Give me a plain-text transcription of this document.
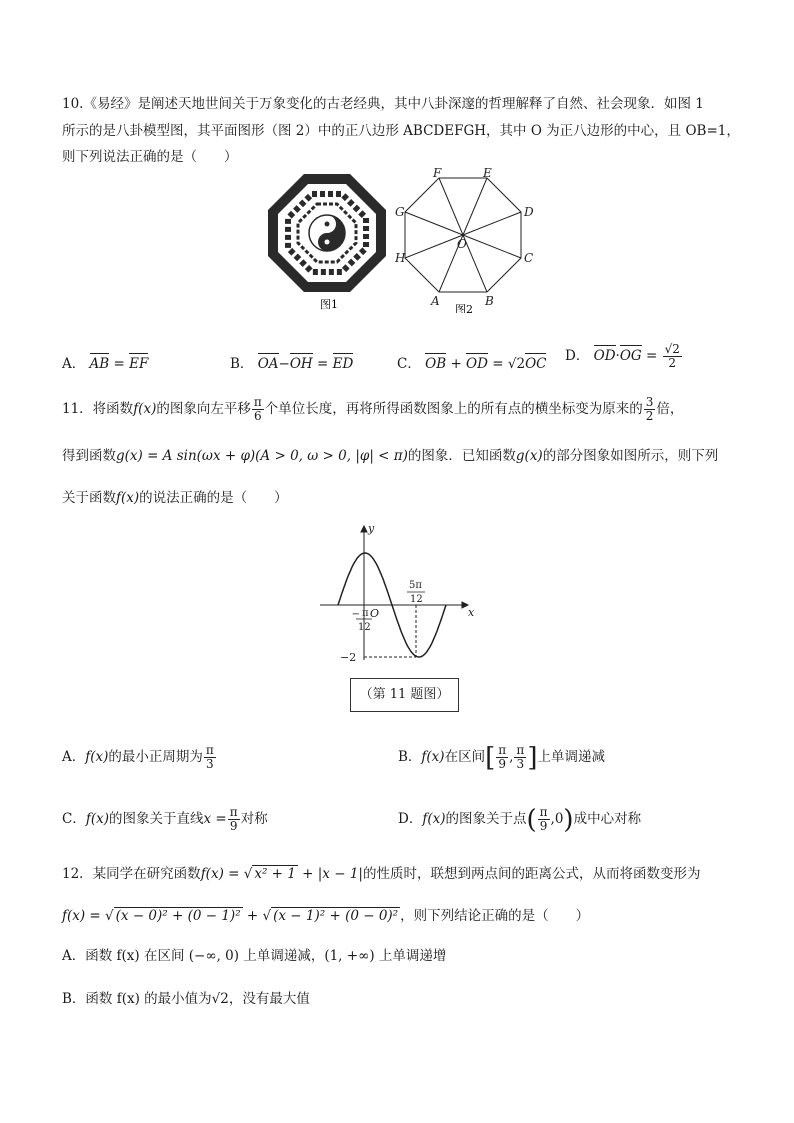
10.《易经》是阐述天地世间关于万象变化的古老经典，其中八卦深邃的哲理解释了自然、社会现象．如图 1
所示的是八卦模型图，其平面图形（图 2）中的正八边形 ABCDEFGH，其中 O 为正八边形的中心，且 OB=1，
则下列说法正确的是（　　）
图1
F	E
D
C
B
A
H
G
O
图2
A． AB = EF	B． OA−OH = ED	C． OB + OD = √2OC D． $OD\cdot OG = \frac{√2}{2}$
11．将函数f(x)的图象向左平移 $\frac{\pi}{6}$ 个单位长度，再将所得函数图象上的所有点的横坐标变为原来的 $\frac{3}{2}$ 倍，
得到函数g(x) = A sin(ωx + φ)(A > 0, ω > 0, |φ| < π)的图象．已知函数g(x)的部分图象如图所示，则下列
关于函数f(x)的说法正确的是（　　）
y
x
O
− π
12
5π
12
−2
（第 11 题图）
A．f(x)的最小正周期为 $\frac{\pi}{3}$	B．f(x)在区间[ $\frac{\pi}{9}$ , $\frac{\pi}{3}$ ]上单调递减
C．f(x)的图象关于直线$x = \frac{\pi}{9}$ 对称	D．f(x)的图象关于点( $\frac{\pi}{9} ,0$)成中心对称
12．某同学在研究函数f(x) = √ x² + 1 + |x − 1|的性质时，联想到两点间的距离公式，从而将函数变形为
f(x) = √ (x − 0)² + (0 − 1)² + √ (x − 1)² + (0 − 0)² ，则下列结论正确的是（　　）
A．函数 f(x) 在区间 (−∞, 0) 上单调递减，(1, +∞) 上单调递增
B．函数 f(x) 的最小值为√2，没有最大值
